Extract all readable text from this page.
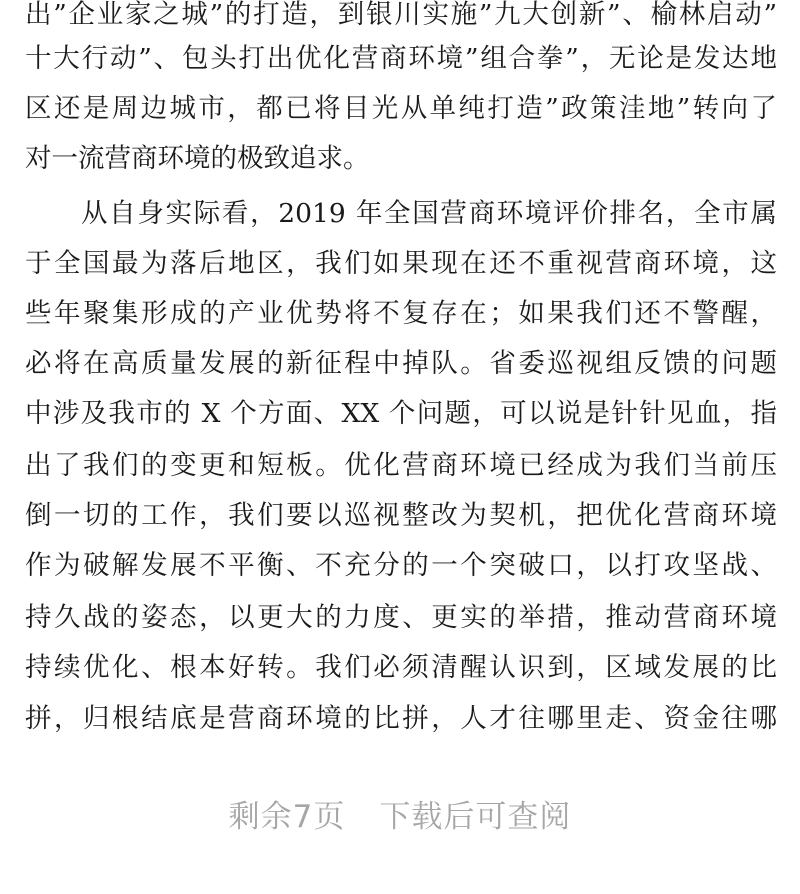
出”企业家之城”的打造，到银川实施”九大创新”、榆林启动”
十大行动”、包头打出优化营商环境”组合拳”，无论是发达地
区还是周边城市，都已将目光从单纯打造”政策洼地”转向了
对一流营商环境的极致追求。
从自身实际看，2019 年全国营商环境评价排名，全市属
于全国最为落后地区，我们如果现在还不重视营商环境，这
些年聚集形成的产业优势将不复存在；如果我们还不警醒，
必将在高质量发展的新征程中掉队。省委巡视组反馈的问题
中涉及我市的 X 个方面、XX 个问题，可以说是针针见血，指
出了我们的变更和短板。优化营商环境已经成为我们当前压
倒一切的工作，我们要以巡视整改为契机，把优化营商环境
作为破解发展不平衡、不充分的一个突破口，以打攻坚战、
持久战的姿态，以更大的力度、更实的举措，推动营商环境
持续优化、根本好转。我们必须清醒认识到，区域发展的比
拼，归根结底是营商环境的比拼，人才往哪里走、资金往哪
剩余7页 下载后可查阅
